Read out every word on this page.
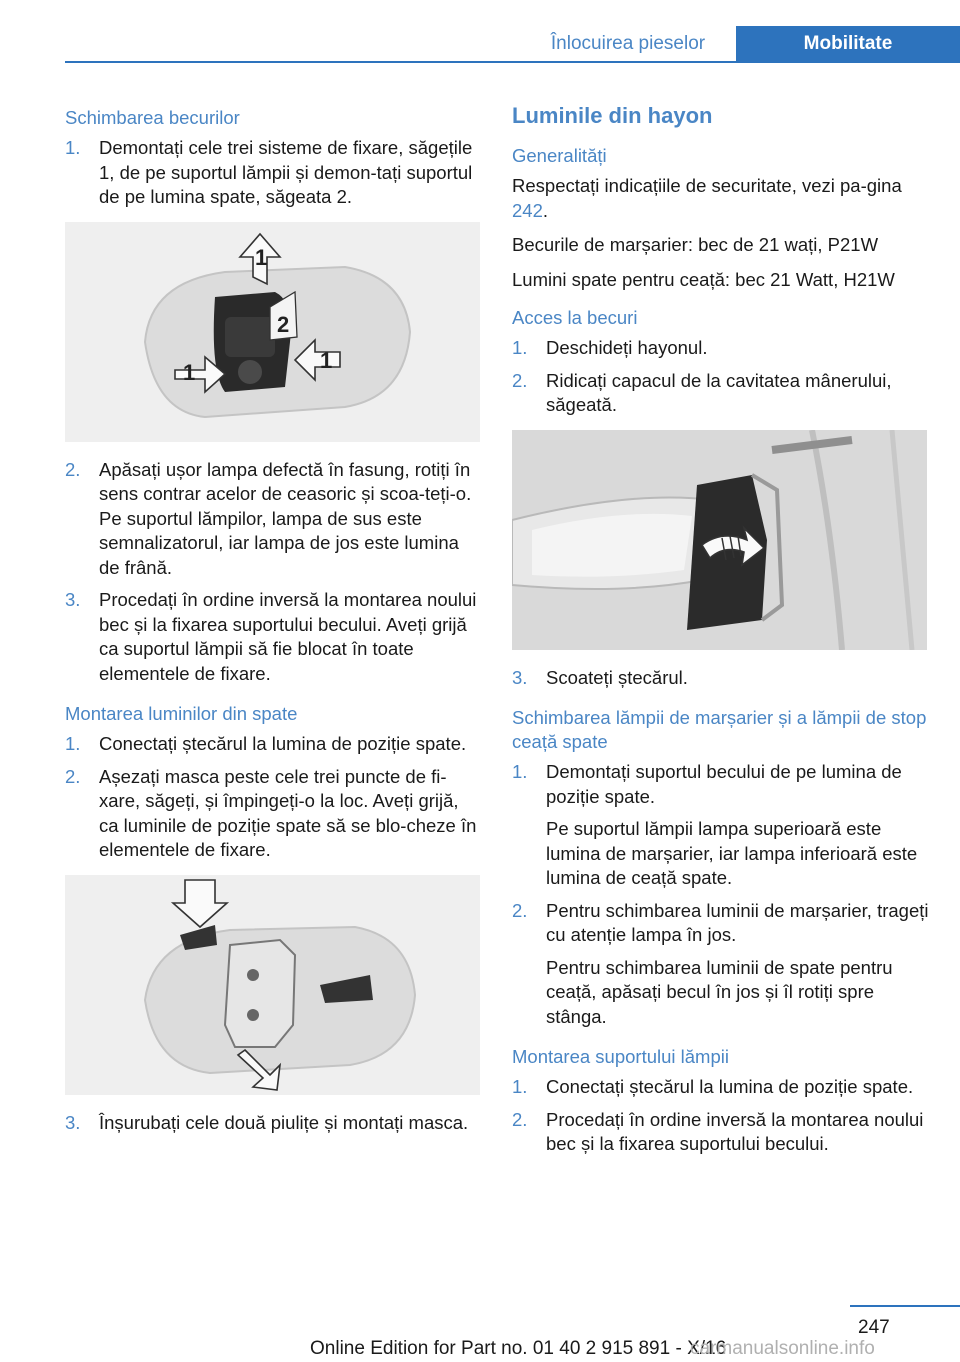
Înlocuirea pieselor	Mobilitate
Schimbarea becurilor
1.	Demontați cele trei sisteme de fixare, săgețile 1, de pe suportul lămpii și demon‐tați suportul de pe lumina spate, săgeata 2.
1
2
1	1
2.	Apăsați ușor lampa defectă în fasung, rotiți în sens contrar acelor de ceasoric și scoa‐teți-o. Pe suportul lămpilor, lampa de sus este semnalizatorul, iar lampa de jos este lumina de frână.
3.	Procedați în ordine inversă la montarea noului bec și la fixarea suportului becului. Aveți grijă ca suportul lămpii să fie blocat în toate elementele de fixare.
Montarea luminilor din spate
1.	Conectați ștecărul la lumina de poziție spate.
2.	Așezați masca peste cele trei puncte de fi‐xare, săgeți, și împingeți-o la loc. Aveți grijă, ca luminile de poziție spate să se blo‐cheze în elementele de fixare.
3.	Înșurubați cele două piulițe și montați masca.
Luminile din hayon
Generalități
Respectați indicațiile de securitate, vezi pa‐gina 242.
Becurile de marșarier: bec de 21 wați, P21W
Lumini spate pentru ceață: bec 21 Watt, H21W
Acces la becuri
1.	Deschideți hayonul.
2.	Ridicați capacul de la cavitatea mânerului, săgeată.
3.	Scoateți ștecărul.
Schimbarea lămpii de marșarier și a lămpii de stop ceață spate
1.	Demontați suportul becului de pe lumina de poziție spate.
Pe suportul lămpii lampa superioară este lumina de marșarier, iar lampa inferioară este lumina de ceață spate.
2.	Pentru schimbarea luminii de marșarier, trageți cu atenție lampa în jos.
Pentru schimbarea luminii de spate pentru ceață, apăsați becul în jos și îl rotiți spre stânga.
Montarea suportului lămpii
1.	Conectați ștecărul la lumina de poziție spate.
2.	Procedați în ordine inversă la montarea noului bec și la fixarea suportului becului.
247
Online Edition for Part no. 01 40 2 915 891 - X/16
carmanualsonline.info
